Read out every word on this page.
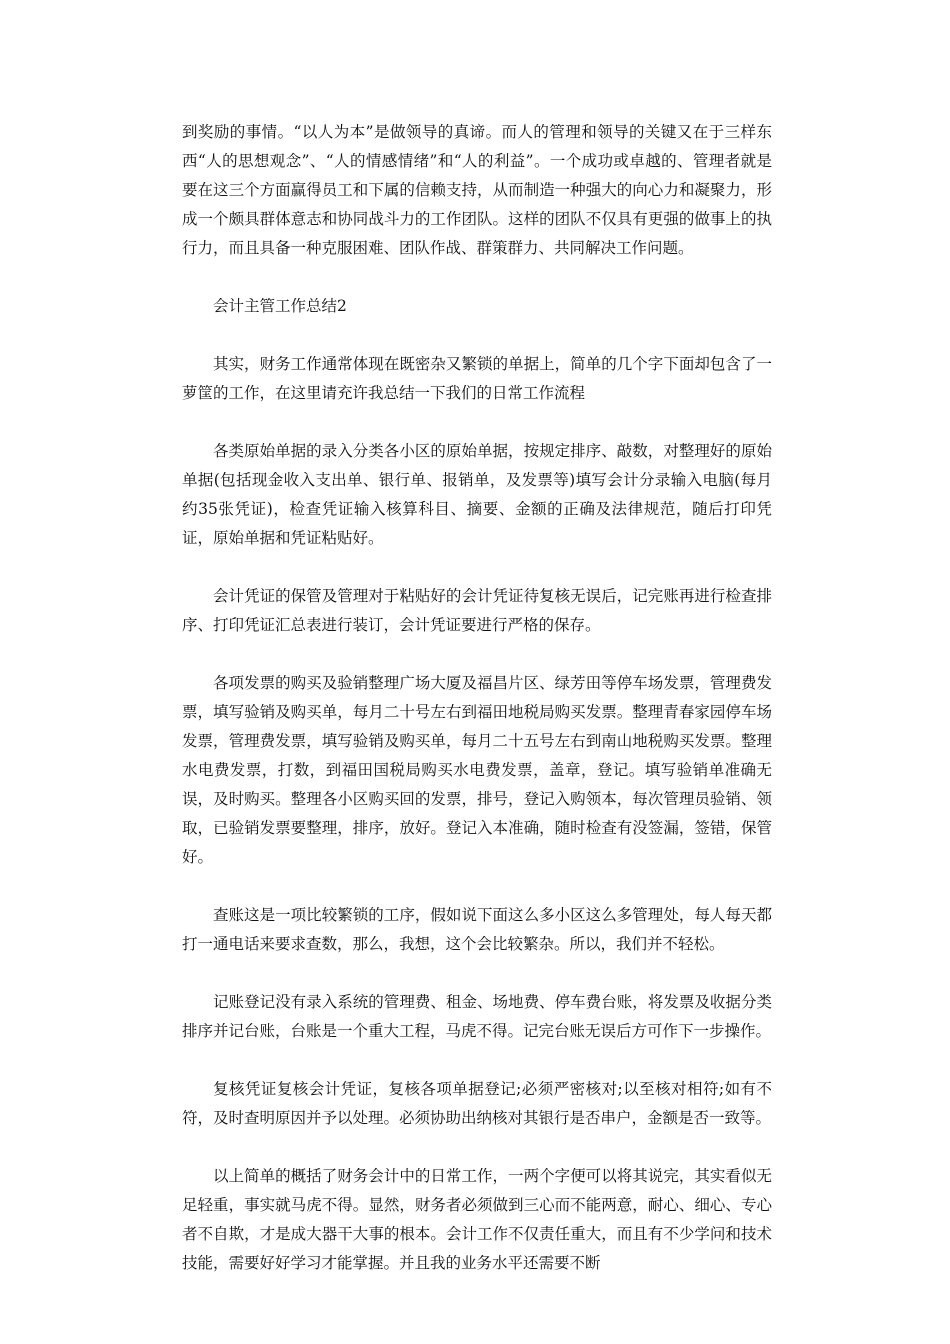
到奖励的事情。“以人为本”是做领导的真谛。而人的管理和领导的关键又在于三样东西“人的思想观念”、“人的情感情绪”和“人的利益”。一个成功或卓越的、管理者就是要在这三个方面赢得员工和下属的信赖支持，从而制造一种强大的向心力和凝聚力，形成一个颇具群体意志和协同战斗力的工作团队。这样的团队不仅具有更强的做事上的执行力，而且具备一种克服困难、团队作战、群策群力、共同解决工作问题。

会计主管工作总结2

其实，财务工作通常体现在既密杂又繁锁的单据上，简单的几个字下面却包含了一萝筐的工作，在这里请充许我总结一下我们的日常工作流程

各类原始单据的录入分类各小区的原始单据，按规定排序、敲数，对整理好的原始单据(包括现金收入支出单、银行单、报销单，及发票等)填写会计分录输入电脑(每月约35张凭证)，检查凭证输入核算科目、摘要、金额的正确及法律规范，随后打印凭证，原始单据和凭证粘贴好。

会计凭证的保管及管理对于粘贴好的会计凭证待复核无误后，记完账再进行检查排序、打印凭证汇总表进行装订，会计凭证要进行严格的保存。

各项发票的购买及验销整理广场大厦及福昌片区、绿芳田等停车场发票，管理费发票，填写验销及购买单，每月二十号左右到福田地税局购买发票。整理青春家园停车场发票，管理费发票，填写验销及购买单，每月二十五号左右到南山地税购买发票。整理水电费发票，打数，到福田国税局购买水电费发票，盖章，登记。填写验销单准确无误，及时购买。整理各小区购买回的发票，排号，登记入购领本，每次管理员验销、领取，已验销发票要整理，排序，放好。登记入本准确，随时检查有没签漏，签错，保管好。

查账这是一项比较繁锁的工序，假如说下面这么多小区这么多管理处，每人每天都打一通电话来要求查数，那么，我想，这个会比较繁杂。所以，我们并不轻松。

记账登记没有录入系统的管理费、租金、场地费、停车费台账，将发票及收据分类排序并记台账，台账是一个重大工程，马虎不得。记完台账无误后方可作下一步操作。

复核凭证复核会计凭证，复核各项单据登记;必须严密核对;以至核对相符;如有不符，及时查明原因并予以处理。必须协助出纳核对其银行是否串户，金额是否一致等。

以上简单的概括了财务会计中的日常工作，一两个字便可以将其说完，其实看似无足轻重，事实就马虎不得。显然，财务者必须做到三心而不能两意，耐心、细心、专心者不自欺，才是成大器干大事的根本。会计工作不仅责任重大，而且有不少学问和技术技能，需要好好学习才能掌握。并且我的业务水平还需要不断
